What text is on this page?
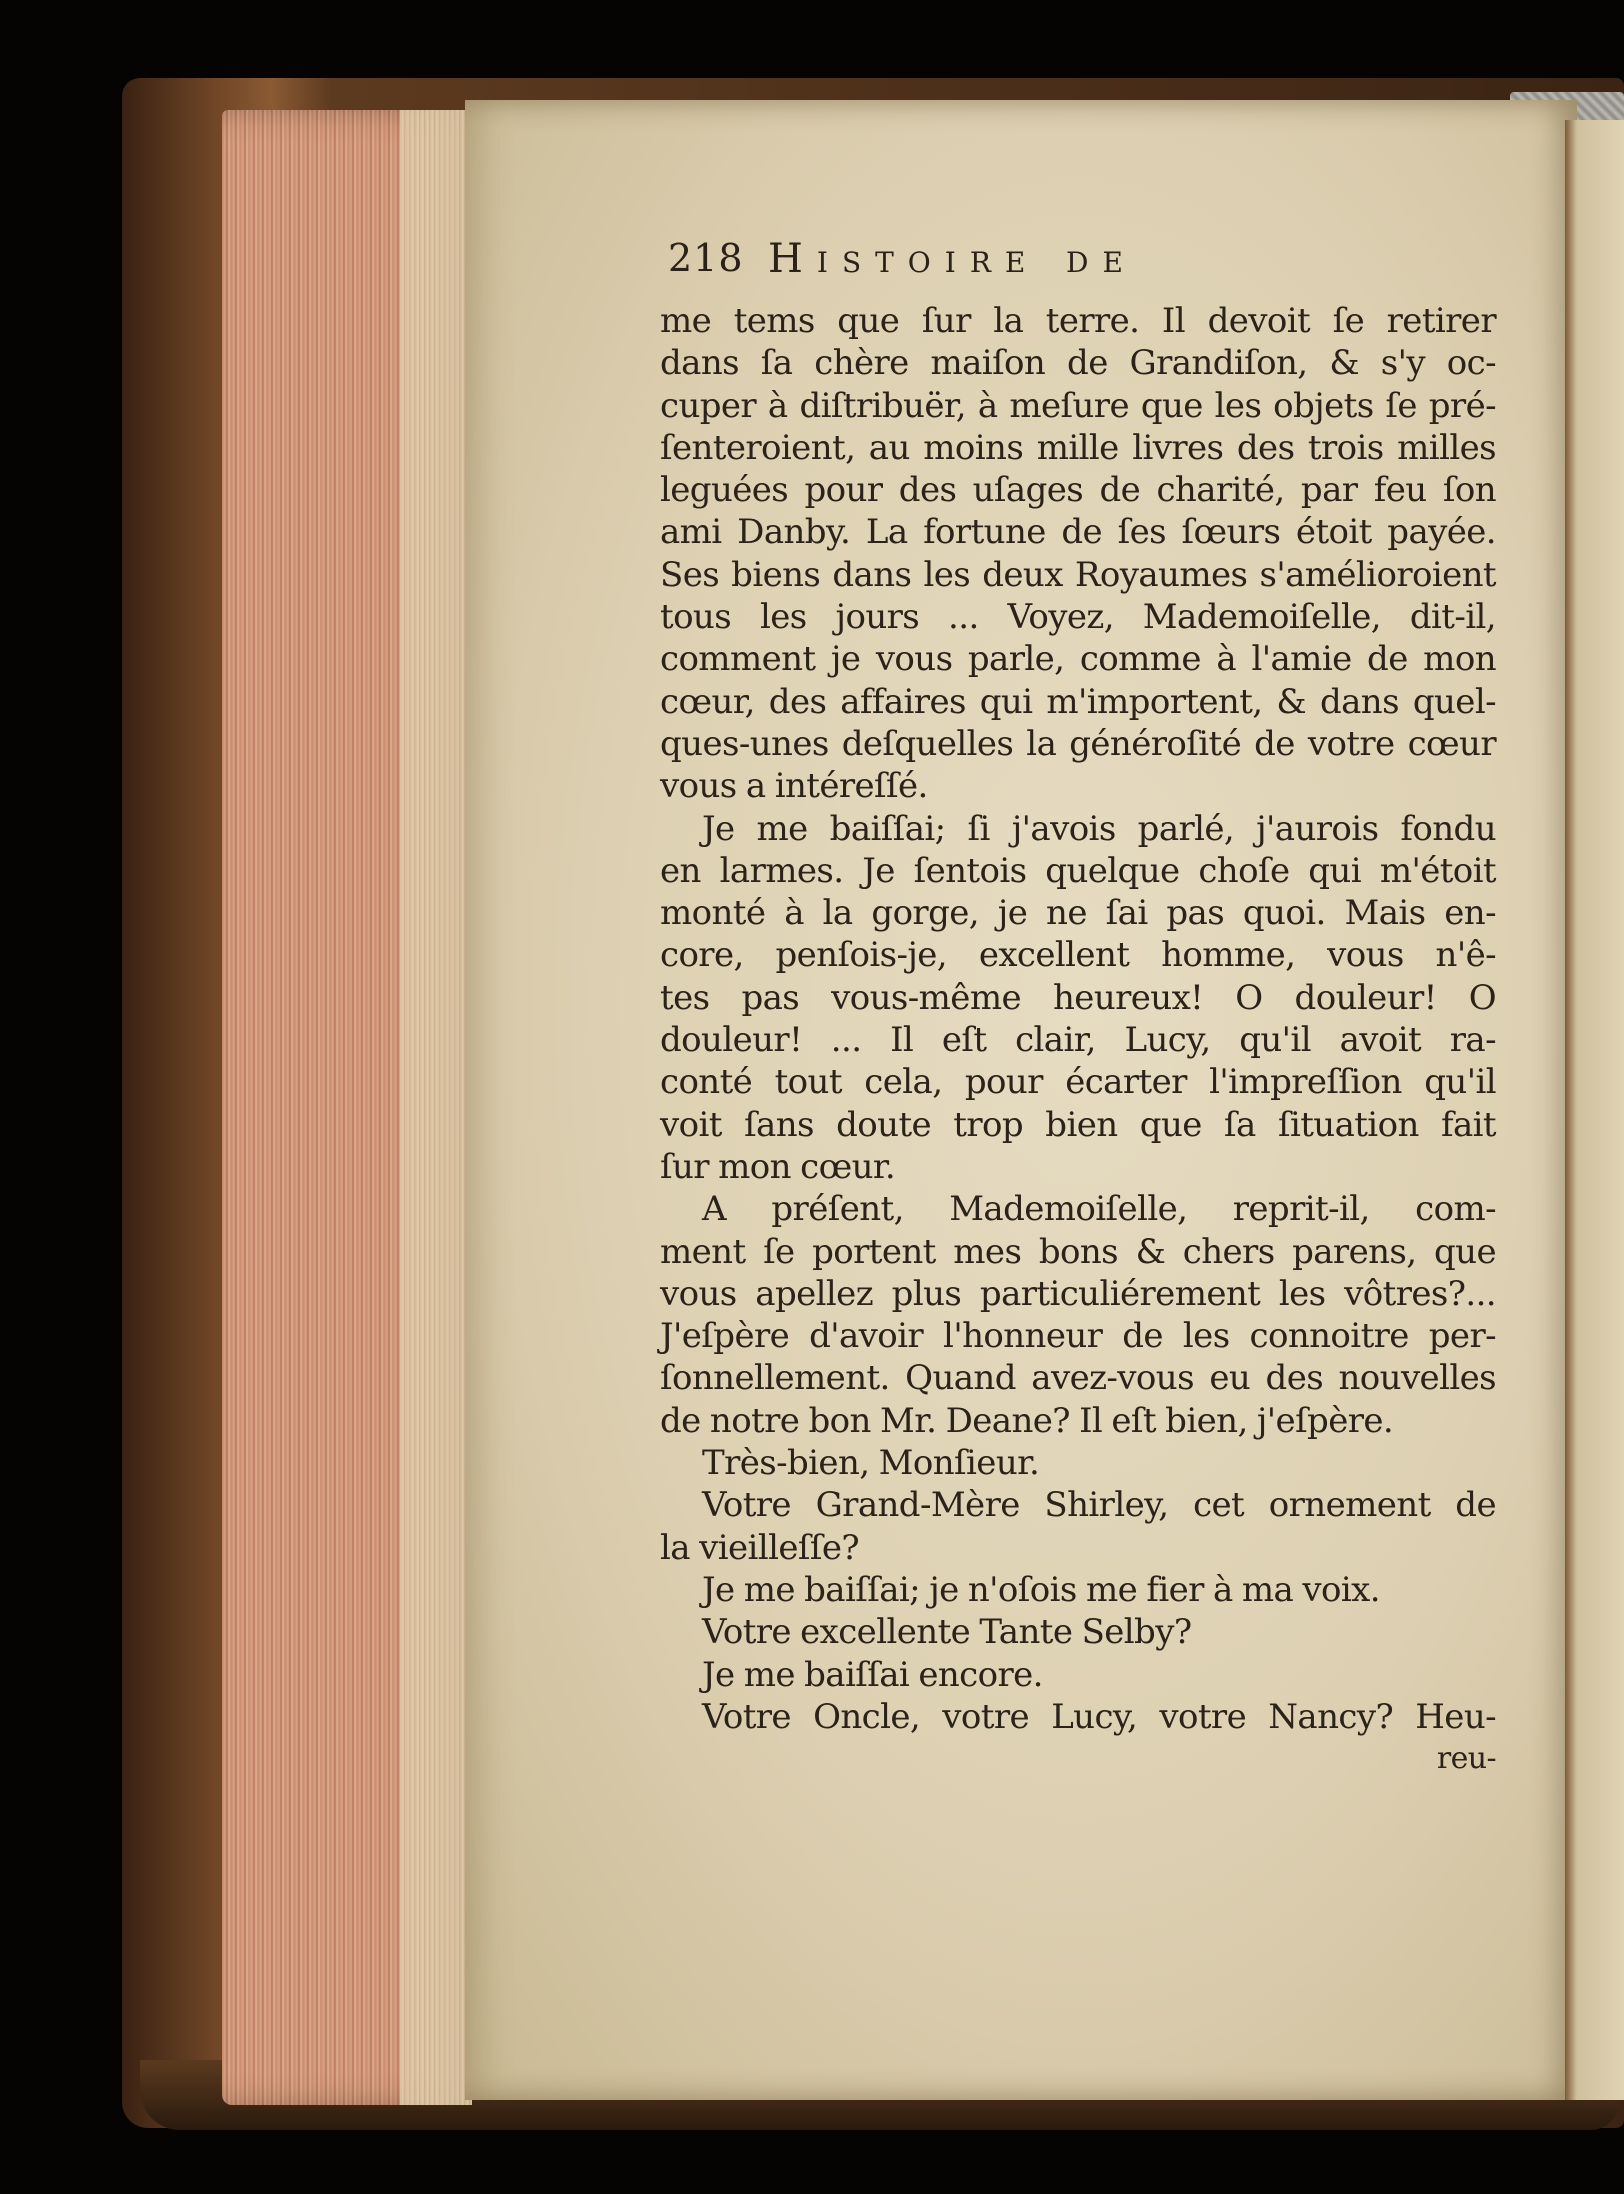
218 Histoire de
me tems que ſur la terre. Il devoit ſe retirer
dans ſa chère maiſon de Grandiſon, & s'y oc-
cuper à diſtribuër, à meſure que les objets ſe pré-
ſenteroient, au moins mille livres des trois milles
leguées pour des uſages de charité, par feu ſon
ami Danby. La fortune de ſes ſœurs étoit payée.
Ses biens dans les deux Royaumes s'amélioroient
tous les jours ... Voyez, Mademoiſelle, dit-il,
comment je vous parle, comme à l'amie de mon
cœur, des affaires qui m'importent, & dans quel-
ques-unes deſquelles la généroſité de votre cœur
vous a intéreſſé.
Je me baiſſai; ſi j'avois parlé, j'aurois fondu
en larmes. Je ſentois quelque choſe qui m'étoit
monté à la gorge, je ne ſai pas quoi. Mais en-
core, penſois-je, excellent homme, vous n'ê-
tes pas vous-même heureux! O douleur! O
douleur! ... Il eſt clair, Lucy, qu'il avoit ra-
conté tout cela, pour écarter l'impreſſion qu'il
voit ſans doute trop bien que ſa ſituation fait
ſur mon cœur.
A préſent, Mademoiſelle, reprit-il, com-
ment ſe portent mes bons & chers parens, que
vous apellez plus particuliérement les vôtres?...
J'eſpère d'avoir l'honneur de les connoitre per-
ſonnellement. Quand avez-vous eu des nouvelles
de notre bon Mr. Deane? Il eſt bien, j'eſpère.
Très-bien, Monſieur.
Votre Grand-Mère Shirley, cet ornement de
la vieilleſſe?
Je me baiſſai; je n'oſois me fier à ma voix.
Votre excellente Tante Selby?
Je me baiſſai encore.
Votre Oncle, votre Lucy, votre Nancy? Heu-
reu-
